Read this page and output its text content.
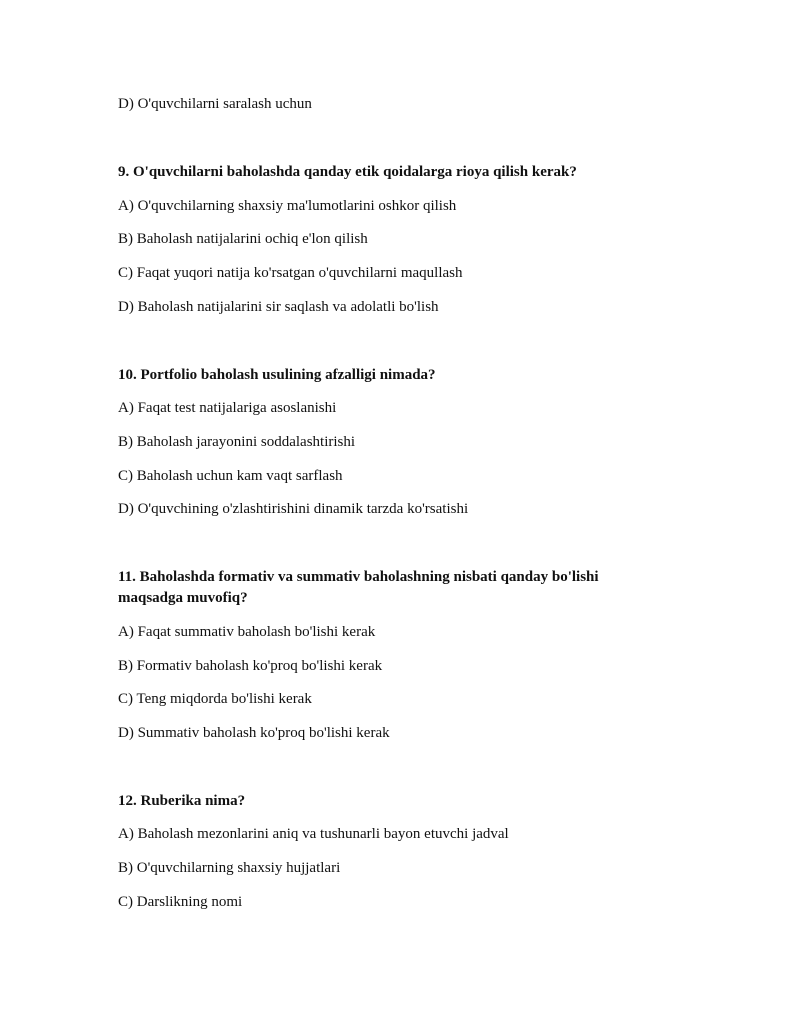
D) O'quvchilarni saralash uchun
9. O'quvchilarni baholashda qanday etik qoidalarga rioya qilish kerak?
A) O'quvchilarning shaxsiy ma'lumotlarini oshkor qilish
B) Baholash natijalarini ochiq e'lon qilish
C) Faqat yuqori natija ko'rsatgan o'quvchilarni maqullash
D) Baholash natijalarini sir saqlash va adolatli bo'lish
10. Portfolio baholash usulining afzalligi nimada?
A) Faqat test natijalariga asoslanishi
B) Baholash jarayonini soddalashtirishi
C) Baholash uchun kam vaqt sarflash
D) O'quvchining o'zlashtirishini dinamik tarzda ko'rsatishi
11. Baholashda formativ va summativ baholashning nisbati qanday bo'lishi
maqsadga muvofiq?
A) Faqat summativ baholash bo'lishi kerak
B) Formativ baholash ko'proq bo'lishi kerak
C) Teng miqdorda bo'lishi kerak
D) Summativ baholash ko'proq bo'lishi kerak
12. Ruberika nima?
A) Baholash mezonlarini aniq va tushunarli bayon etuvchi jadval
B) O'quvchilarning shaxsiy hujjatlari
C) Darslikning nomi
